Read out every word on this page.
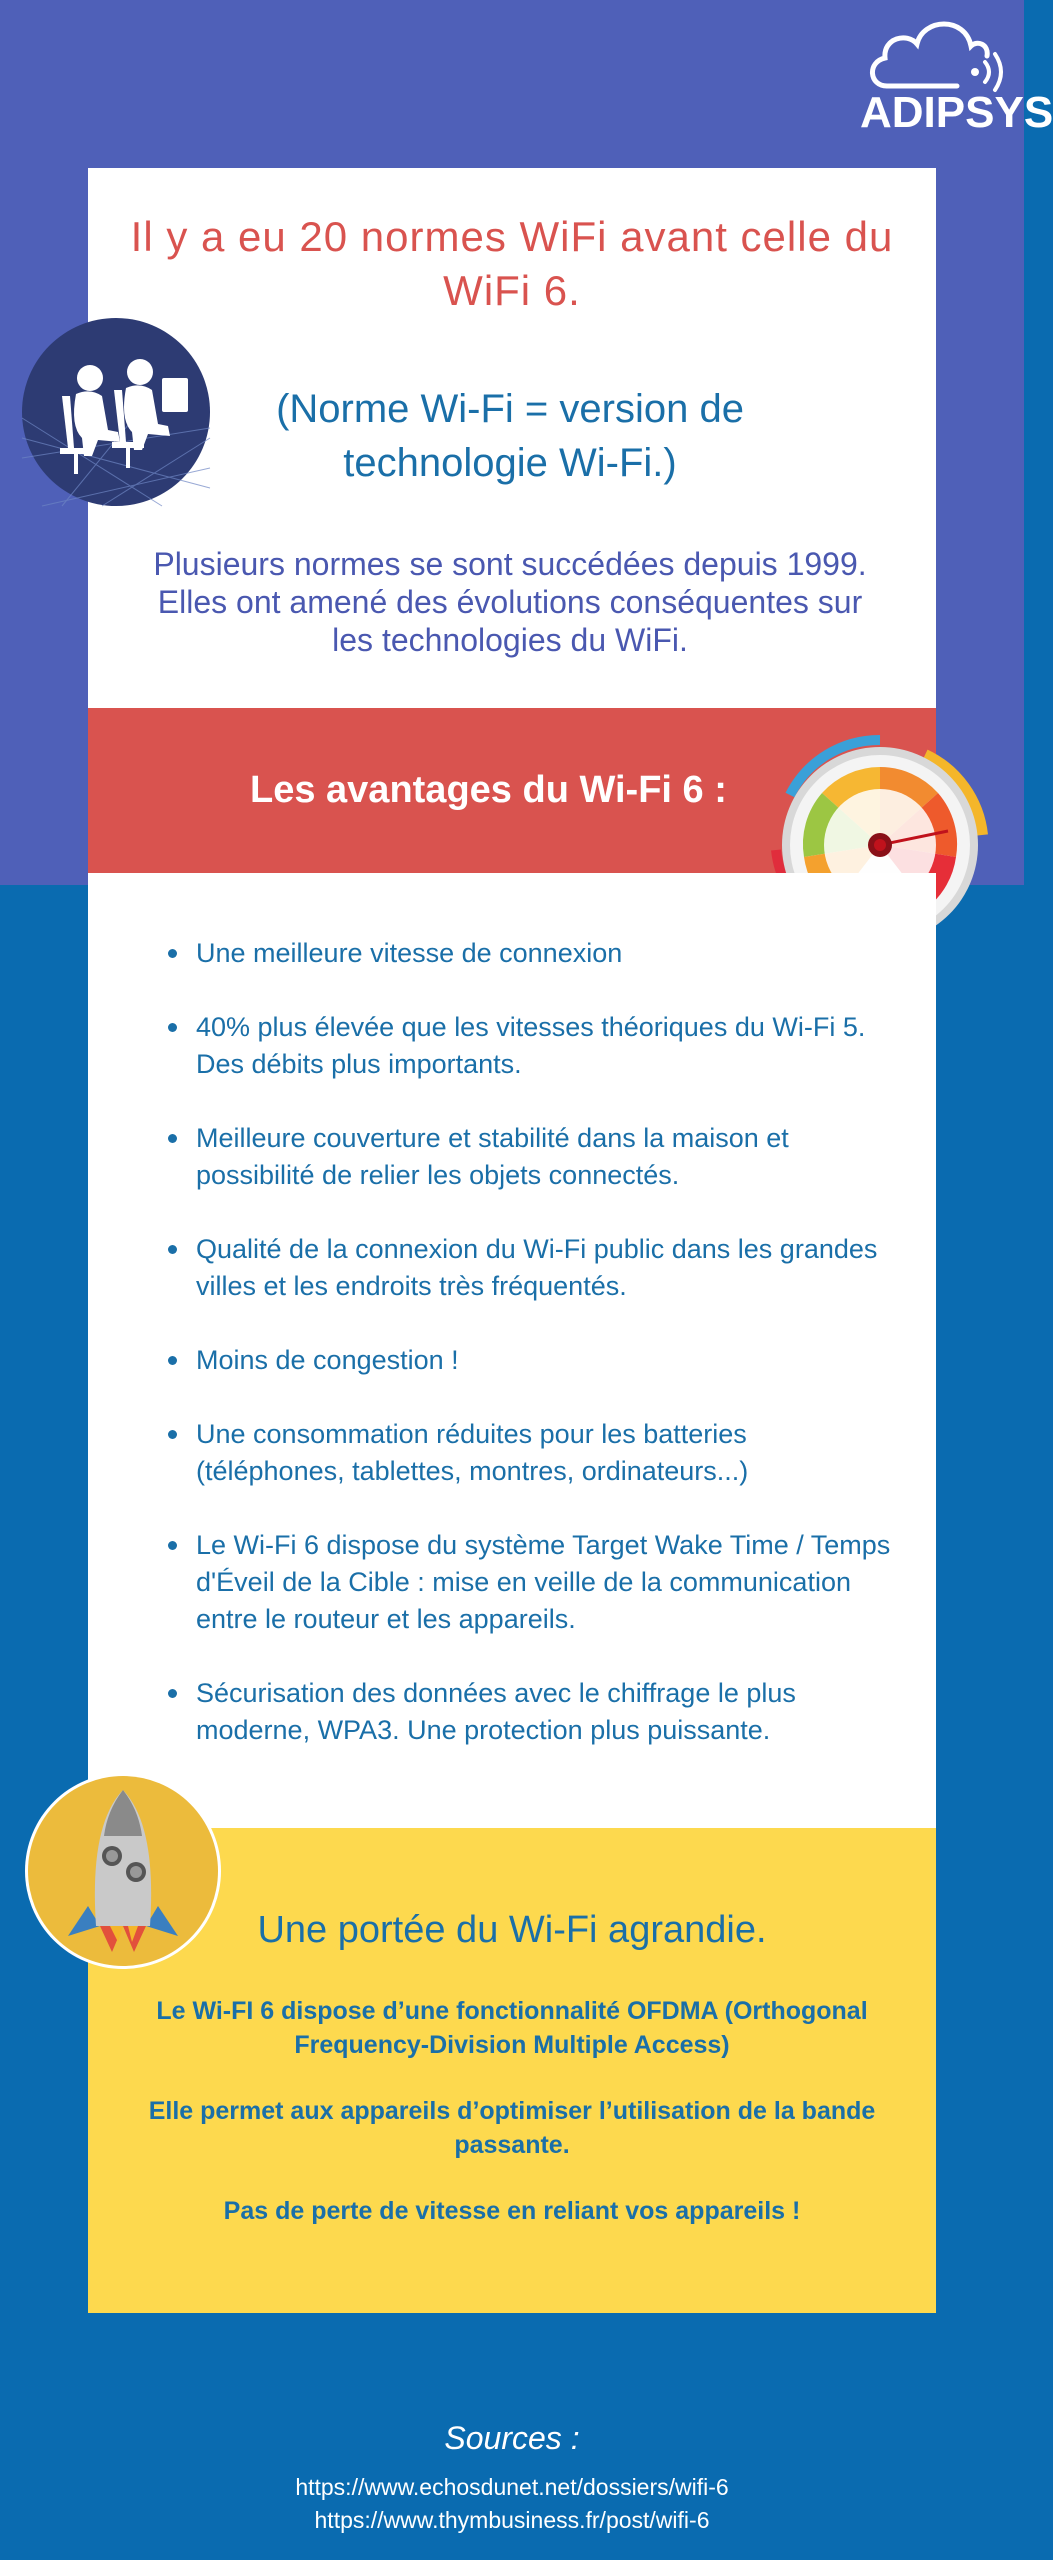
ADIPSYS
Il y a eu 20 normes WiFi avant celle du WiFi 6.
(Norme Wi-Fi = version de technologie Wi-Fi.)
Plusieurs normes se sont succédées depuis 1999. Elles ont amené des évolutions conséquentes sur les technologies du WiFi.
Les avantages du Wi-Fi 6 :
Une meilleure vitesse de connexion
40% plus élevée que les vitesses théoriques du Wi-Fi 5. Des débits plus importants.
Meilleure couverture et stabilité dans la maison et possibilité de relier les objets connectés.
Qualité de la connexion du Wi-Fi public dans les grandes villes et les endroits très fréquentés.
Moins de congestion !
Une consommation réduites pour les batteries (téléphones, tablettes, montres, ordinateurs...)
Le Wi-Fi 6 dispose du système Target Wake Time / Temps d'Éveil de la Cible : mise en veille de la communication entre le routeur et les appareils.
Sécurisation des données avec le chiffrage le plus moderne, WPA3. Une protection plus puissante.
Une portée du Wi-Fi agrandie.
Le Wi-FI 6 dispose d’une fonctionnalité OFDMA (Orthogonal Frequency-Division Multiple Access)
Elle permet aux appareils d’optimiser l’utilisation de la bande passante.
Pas de perte de vitesse en reliant vos appareils !
Sources :
https://www.echosdunet.net/dossiers/wifi-6
https://www.thymbusiness.fr/post/wifi-6
